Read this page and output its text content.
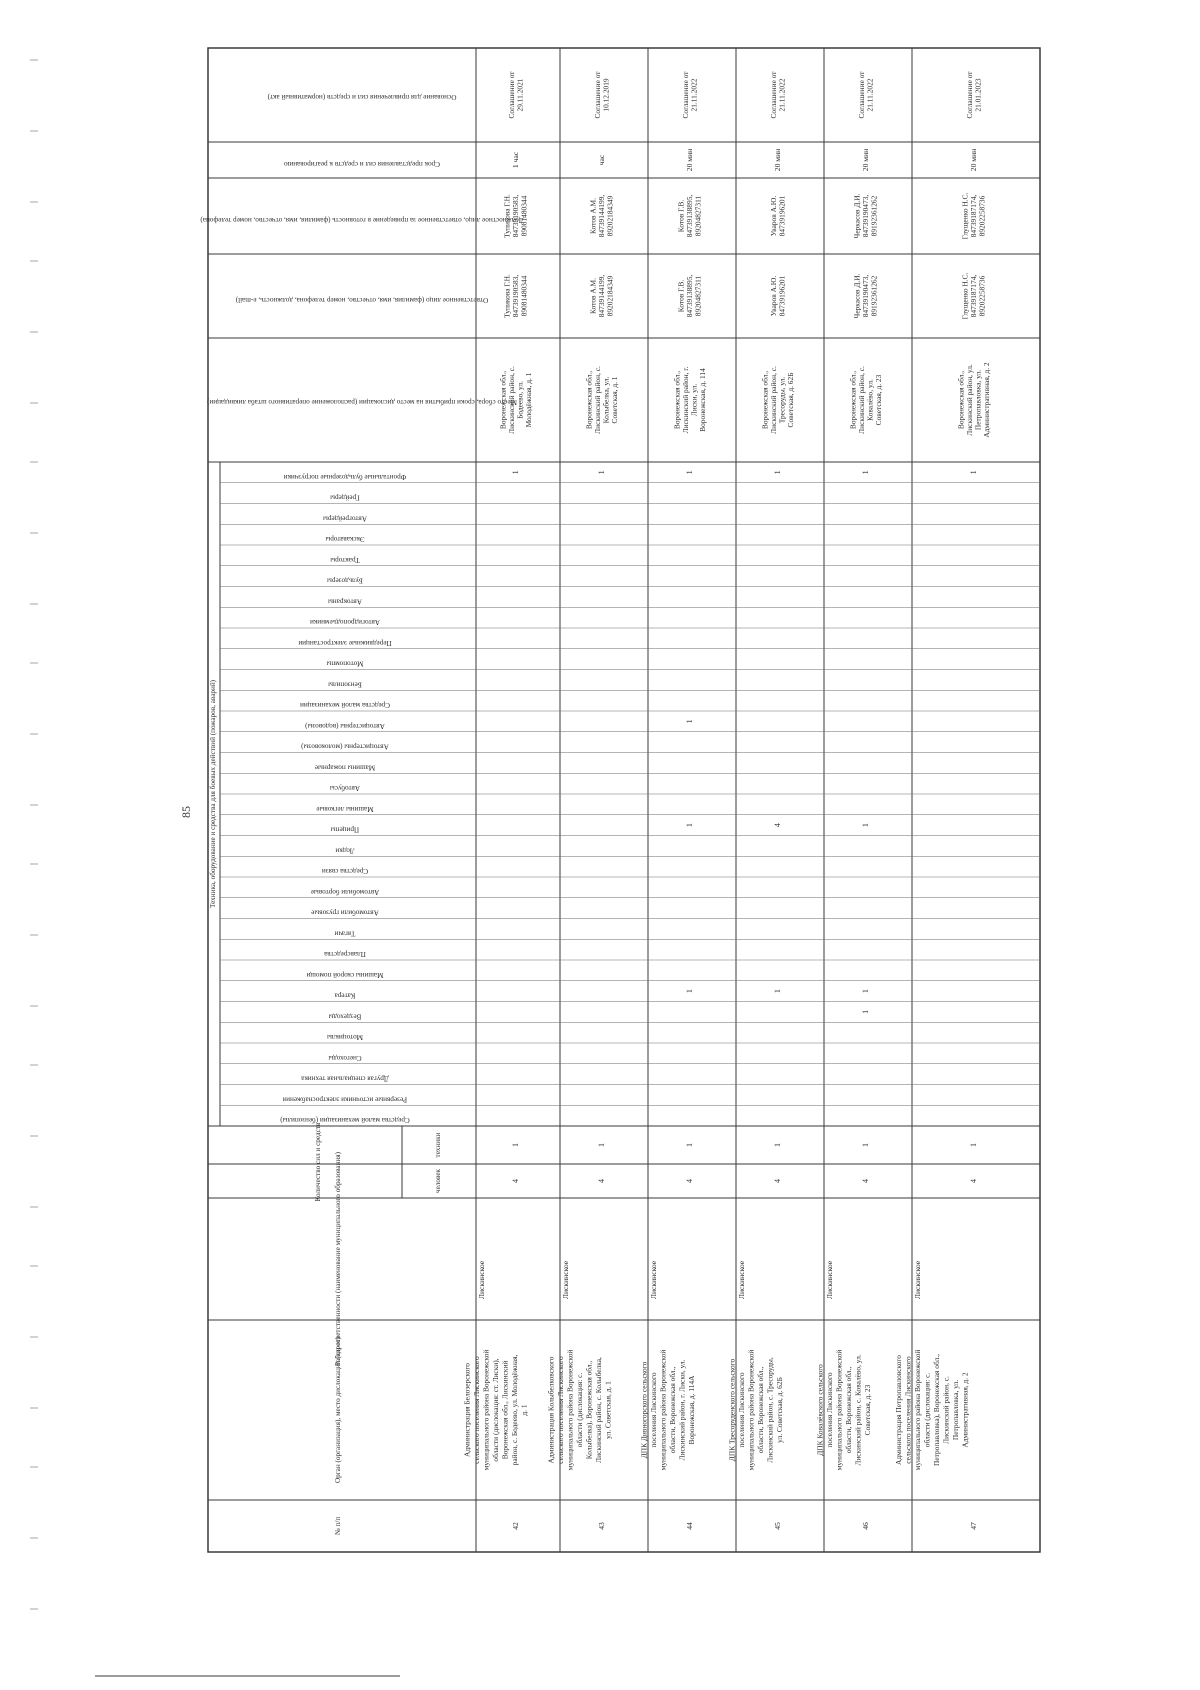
Основание для привлечения сил и средств (нормативный акт)
Срок представления сил и средств к реагированию
Должностное лицо, ответственное за приведение в готовность (фамилия, имя, отчество, номер телефона)
Ответственное лицо (фамилия, имя, отчество, номер телефона, должность, e-mail)
Место сбора, сроки прибытия на место дислокации (расположение оперативного штаба ликвидации)
Техника, оборудование и средства для боевых действий (пожаров, аварий)
Фронтальные бульдозерные погрузчики
Грейдеры
Автогрейдеры
Экскаваторы
Тракторы
Бульдозеры
Автокраны
Автогидроподъемники
Передвижные электростанции
Мотопомпы
Бензопилы
Средства малой механизации
Автоцистерны (водовозы)
Автоцистерны (молоковозы)
Машины пожарные
Автобусы
Машины легковые
Прицепы
Лодки
Средства связи
Автомобили бортовые
Автомобили грузовые
Тягачи
Плавсредства
Машины скорой помощи
Катера
Вездеходы
Мотоциклы
Снегоходы
Другая специальная техника
Резервные источники электроснабжения
Средства малой механизации (бензопилы)
Количество сил и средств	человек
техники
Район ответственности (наименование муниципального образования)
Орган (организация), место дислокации (адрес)
№ п/п	42
Администрация Белозерскогосельского поселения Лискинскогомуниципального района Воронежскойобласти (дислокация: ст. Лиски),Воронежская обл., Лискинскийрайон, с. Бодеево, ул. Молодёжная,д. 1
Лискинское
4
1
1
Воронежская обл.,Лискинский район, с.Бодеево, ул.Молодёжная, д. 1
Тупикова Г.Н.84739190583,89081480344
Тупикова Г.Н.84739190583,89081480344
1 час
Соглашение от29.11.2021
43
Администрация Колыбелковскогосельского поселения Лискинскогомуниципального района Воронежскойобласти (дислокация: с.Колыбелка), Воронежская обл.,Лискинский район, с. Колыбелка,ул. Советская, д. 1
Лискинское
4
1
1
Воронежская обл.,Лискинский район, с.Колыбелка, ул.Советская, д. 1
Котов А.М.84739144199,89202184349
Котов А.М.84739144199,89202184349
час
Соглашение от10.12.2019
44
ДПК Дивногорского сельскогопоселения Лискинскогомуниципального района Воронежскойобласти, Воронежская обл.,Лискинский район, г. Лиски, ул.Воронежская, д. 114А
Лискинское
4
1
1
1
1
1
Воронежская обл.,Лискинский район, г.Лиски, ул.Воронежская, д. 114
Котов Г.В.84739138895,89204827311
Котов Г.В.84739138895,89204827311
20 мин
Соглашение от21.11.2022
45
ДПК Тресоруденского сельскогопоселения Лискинскогомуниципального района Воронежскойобласти, Воронежская обл.,Лискинский район, с. Тресоруды,ул. Советская, д. 62Б
Лискинское
4
1
1
1
4
Воронежская обл.,Лискинский район, с.Тресоруды, ул.Советская, д. 62Б
Уваров А.Ю.84739196201
Уваров А.Ю.84739196201
20 мин
Соглашение от21.11.2022
46
ДПК Ковалёвского сельскогопоселения Лискинскогомуниципального района Воронежскойобласти, Воронежская обл.,Лискинский район, с. Ковалёво, ул.Советская, д. 23
Лискинское
4
1
1
1
1
1
Воронежская обл.,Лискинский район, с.Ковалёво, ул.Советская, д. 23
Черкасов Д.И.84739190473,89192361262
Черкасов Д.И.84739190473,89192361262
20 мин
Соглашение от21.11.2022
47
Администрация Петропавловскогосельского поселения Лискинскогомуниципального района Воронежскойобласти (дислокация: с.Петропавловка), Воронежская обл.,Лискинский район, с.Петропавловка, ул.Административная, д. 2
Лискинское
4
1
1
Воронежская обл.,Лискинский район, ул.Петропавловка, ул.Административная, д. 2
Глущенко Н.С.84739187174,89202258736
Глущенко Н.С.84739187174,89202258736
20 мин
Соглашение от21.01.2023
85
